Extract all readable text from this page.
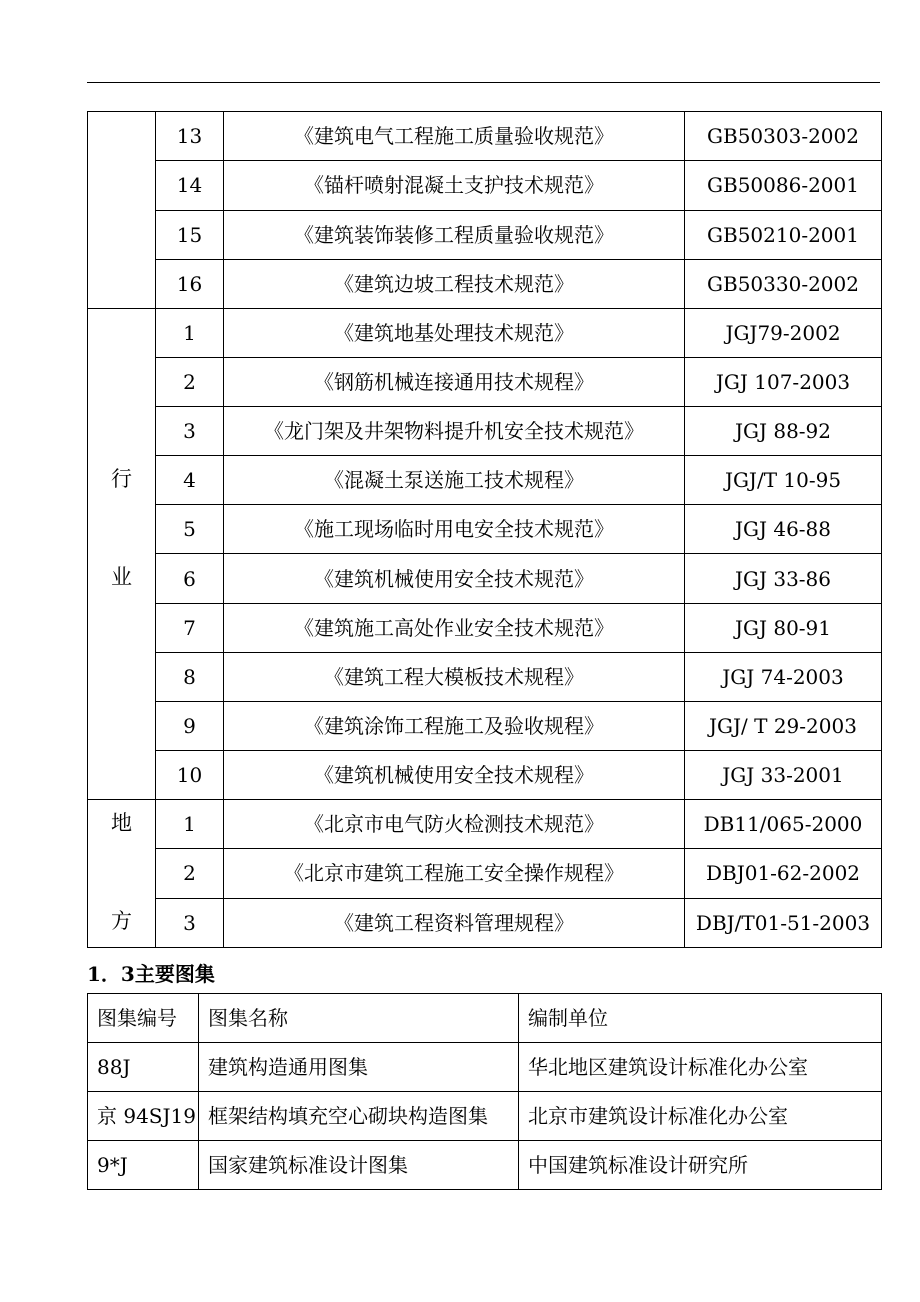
	13	《建筑电气工程施工质量验收规范》	GB50303-2002
	14	《锚杆喷射混凝土支护技术规范》	GB50086-2001
	15	《建筑装饰装修工程质量验收规范》	GB50210-2001
	16	《建筑边坡工程技术规范》	GB50330-2002

行
业	1	《建筑地基处理技术规范》	JGJ79-2002
	2	《钢筋机械连接通用技术规程》	JGJ 107-2003
	3	《龙门架及井架物料提升机安全技术规范》	JGJ 88-92
	4	《混凝土泵送施工技术规程》	JGJ/T 10-95
	5	《施工现场临时用电安全技术规范》	JGJ 46-88
	6	《建筑机械使用安全技术规范》	JGJ 33-86
	7	《建筑施工高处作业安全技术规范》	JGJ 80-91
	8	《建筑工程大模板技术规程》	JGJ 74-2003
	9	《建筑涂饰工程施工及验收规程》	JGJ/ T 29-2003
	10	《建筑机械使用安全技术规程》	JGJ 33-2001

地
方	1	《北京市电气防火检测技术规范》	DB11/065-2000
	2	《北京市建筑工程施工安全操作规程》	DBJ01-62-2002
	3	《建筑工程资料管理规程》	DBJ/T01-51-2003
1．3主要图集
图集编号	图集名称	编制单位
88J	建筑构造通用图集	华北地区建筑设计标准化办公室
京 94SJ19	框架结构填充空心砌块构造图集	北京市建筑设计标准化办公室
9*J	国家建筑标准设计图集	中国建筑标准设计研究所
